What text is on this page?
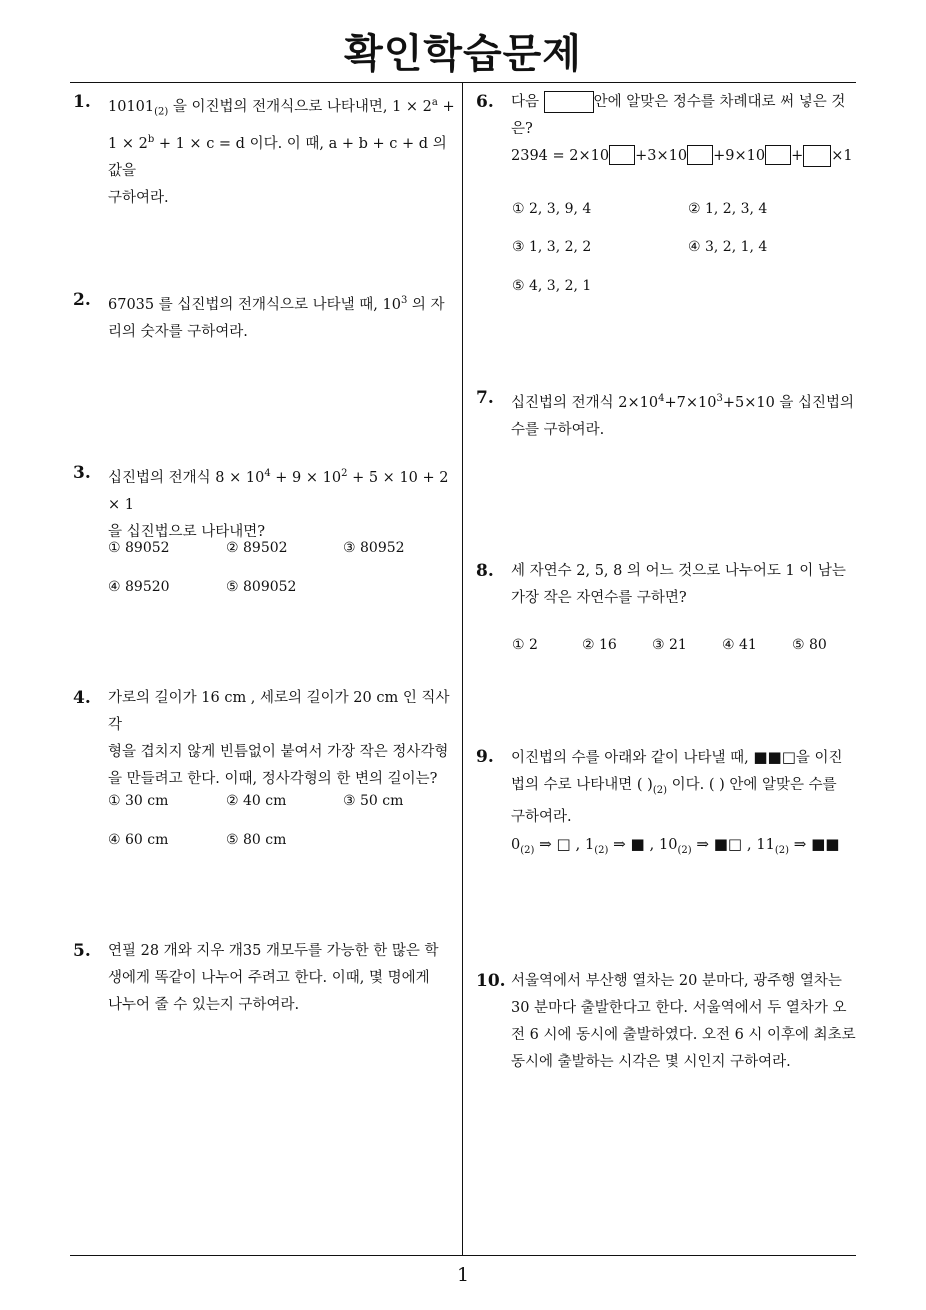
확인학습문제
1
1. $10101_{(2)}$ 을 이진법의 전개식으로 나타내면, $1 \times 2^a$ +
$1 \times 2^b + 1 \times c = d$ 이다. 이 때, a + b + c + d 의 값을
구하여라.
2. 67035 를 십진법의 전개식으로 나타낼 때, $10^3$ 의 자
리의 숫자를 구하여라.
3. 십진법의 전개식 $8 \times 10^4 + 9 \times 10^2 + 5 \times 10 + 2 \times 1$
을 십진법으로 나타내면?
① 89052	② 89502	③ 80952
④ 89520	⑤ 809052
4. 가로의 길이가 16 cm , 세로의 길이가 20 cm 인 직사각
형을 겹치지 않게 빈틈없이 붙여서 가장 작은 정사각형
을 만들려고 한다. 이때, 정사각형의 한 변의 길이는?
① 30 cm	② 40 cm	③ 50 cm
④ 60 cm	⑤ 80 cm
5. 연필 28 개와 지우 개35 개모두를 가능한 한 많은 학
생에게 똑같이 나누어 주려고 한다. 이때, 몇 명에게
나누어 줄 수 있는지 구하여라.
6. 다음	안에 알맞은 정수를 차례대로 써 넣은 것
은?
2394 = 2×10 +3×10 +9×10 + ×1
① 2, 3, 9, 4	② 1, 2, 3, 4
③ 1, 3, 2, 2	④ 3, 2, 1, 4
⑤ 4, 3, 2, 1
7. 십진법의 전개식 $2\times 10^4+7\times 10^3+5\times 10$ 을 십진법의
수를 구하여라.
8. 세 자연수 2, 5, 8 의 어느 것으로 나누어도 1 이 남는
가장 작은 자연수를 구하면?
① 2	② 16	③ 21	④ 41	⑤ 80
9. 이진법의 수를 아래와 같이 나타낼 때, ■■□을 이진
법의 수로 나타내면 ( )$_{(2)}$ 이다. ( ) 안에 알맞은 수를
구하여라.
$0_{(2)}$ ⇒ □ , $1_{(2)}$ ⇒ ■ , $10_{(2)}$ ⇒ ■□ , $11_{(2)}$ ⇒ ■■
10. 서울역에서 부산행 열차는 20 분마다, 광주행 열차는
30 분마다 출발한다고 한다. 서울역에서 두 열차가 오
전 6 시에 동시에 출발하였다. 오전 6 시 이후에 최초로
동시에 출발하는 시각은 몇 시인지 구하여라.
